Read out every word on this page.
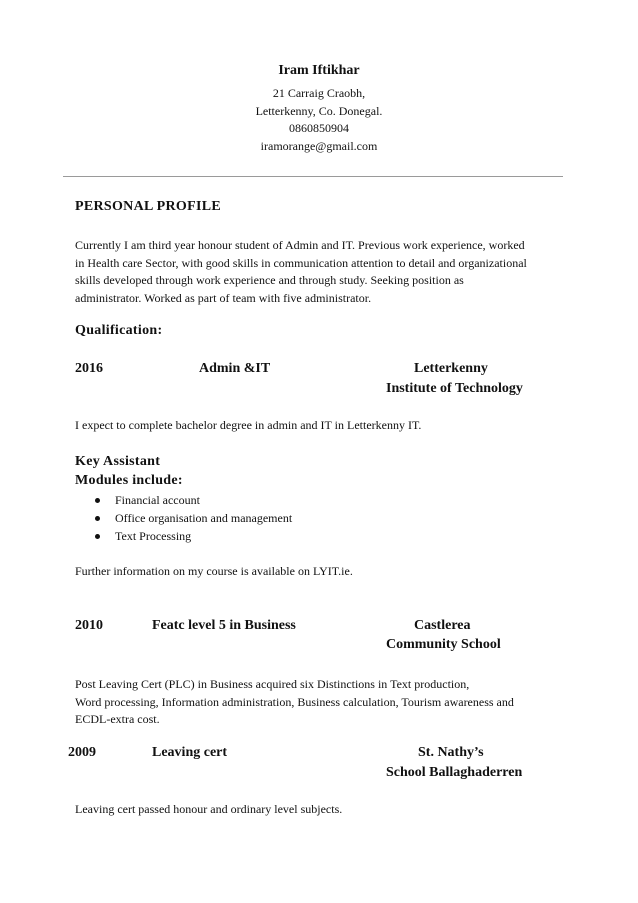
Iram Iftikhar
21 Carraig Craobh,
Letterkenny, Co. Donegal.
0860850904
iramorange@gmail.com
PERSONAL PROFILE
Currently I am third year honour student of Admin and IT. Previous work experience, worked
in Health care Sector, with good skills in communication attention to detail and organizational
skills developed through work experience and through study. Seeking position as
administrator. Worked as part of team with five administrator.
Qualification:
2016	Admin &IT	Letterkenny
Institute of Technology
I expect to complete bachelor degree in admin and IT in Letterkenny IT.
Key Assistant
Modules include:
Financial account
Office organisation and management
Text Processing
Further information on my course is available on LYIT.ie.
2010	Featc level 5 in Business	Castlerea
Community School
Post Leaving Cert (PLC) in Business acquired six Distinctions in Text production,
Word processing, Information administration, Business calculation, Tourism awareness and
ECDL-extra cost.
2009	Leaving cert	St. Nathy’s
School Ballaghaderren
Leaving cert passed honour and ordinary level subjects.
